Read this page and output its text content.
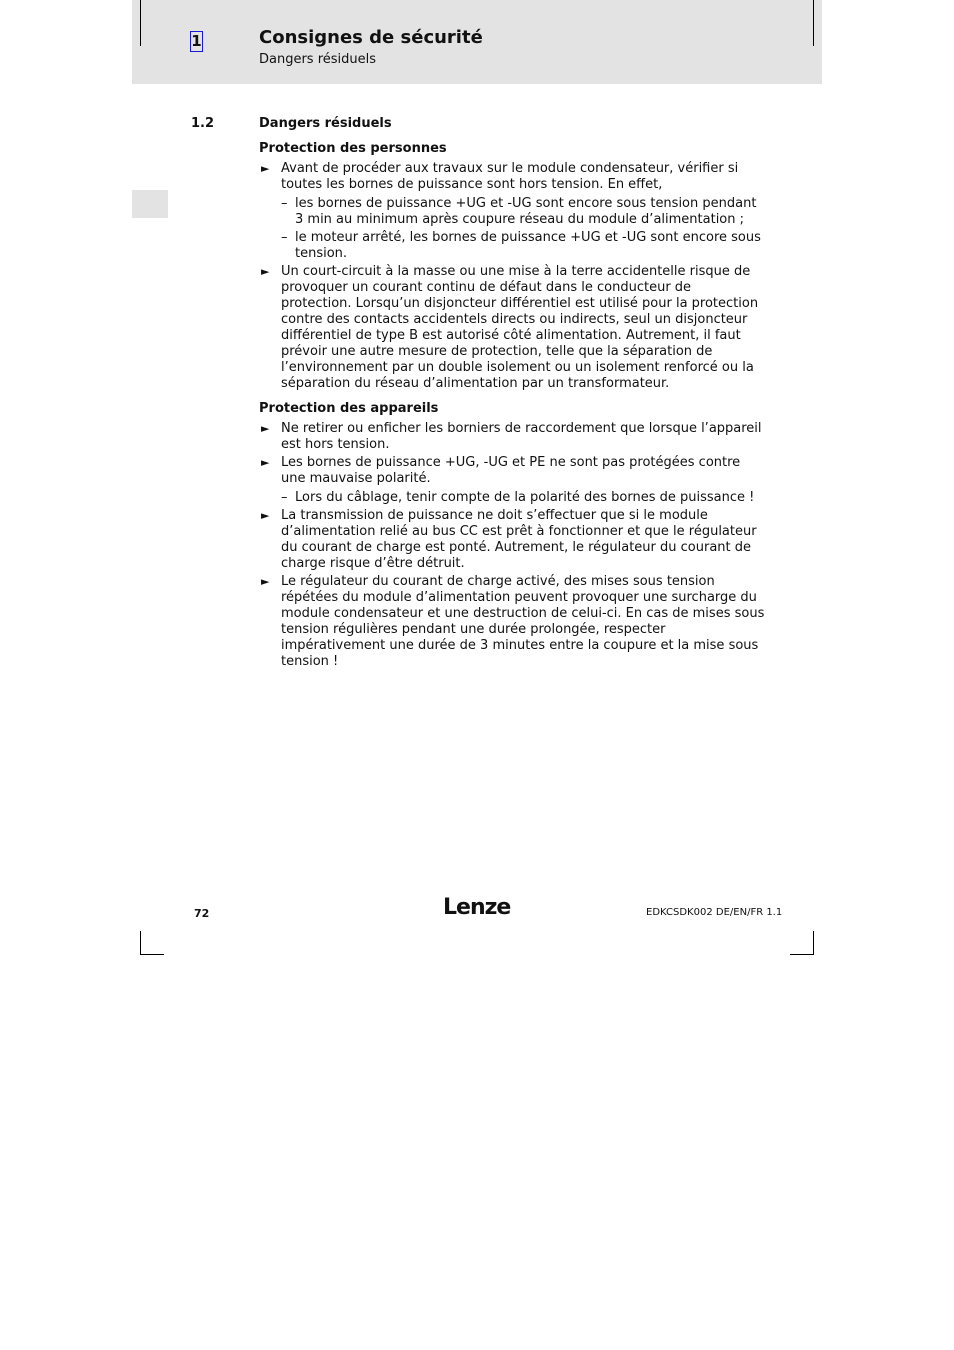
1	Consignes de sécurité
Dangers résiduels
1.2	Dangers résiduels
Protection des personnes
► Avant de procéder aux travaux sur le module condensateur, vérifier si toutes les bornes de puissance sont hors tension. En effet,
– les bornes de puissance +UG et -UG sont encore sous tension pendant 3 min au minimum après coupure réseau du module d’alimentation ;
– le moteur arrêté, les bornes de puissance +UG et -UG sont encore sous tension.
► Un court-circuit à la masse ou une mise à la terre accidentelle risque de provoquer un courant continu de défaut dans le conducteur de protection. Lorsqu’un disjoncteur différentiel est utilisé pour la protection contre des contacts accidentels directs ou indirects, seul un disjoncteur différentiel de type B est autorisé côté alimentation. Autrement, il faut prévoir une autre mesure de protection, telle que la séparation de l’environnement par un double isolement ou un isolement renforcé ou la séparation du réseau d’alimentation par un transformateur.
Protection des appareils
► Ne retirer ou enficher les borniers de raccordement que lorsque l’appareil est hors tension.
► Les bornes de puissance +UG, -UG et PE ne sont pas protégées contre une mauvaise polarité.
– Lors du câblage, tenir compte de la polarité des bornes de puissance !
► La transmission de puissance ne doit s’effectuer que si le module d’alimentation relié au bus CC est prêt à fonctionner et que le régulateur du courant de charge est ponté. Autrement, le régulateur du courant de charge risque d’être détruit.
► Le régulateur du courant de charge activé, des mises sous tension répétées du module d’alimentation peuvent provoquer une surcharge du module condensateur et une destruction de celui-ci. En cas de mises sous tension régulières pendant une durée prolongée, respecter impérativement une durée de 3 minutes entre la coupure et la mise sous tension !
72	Lenze	EDKCSDK002 DE/EN/FR 1.1
